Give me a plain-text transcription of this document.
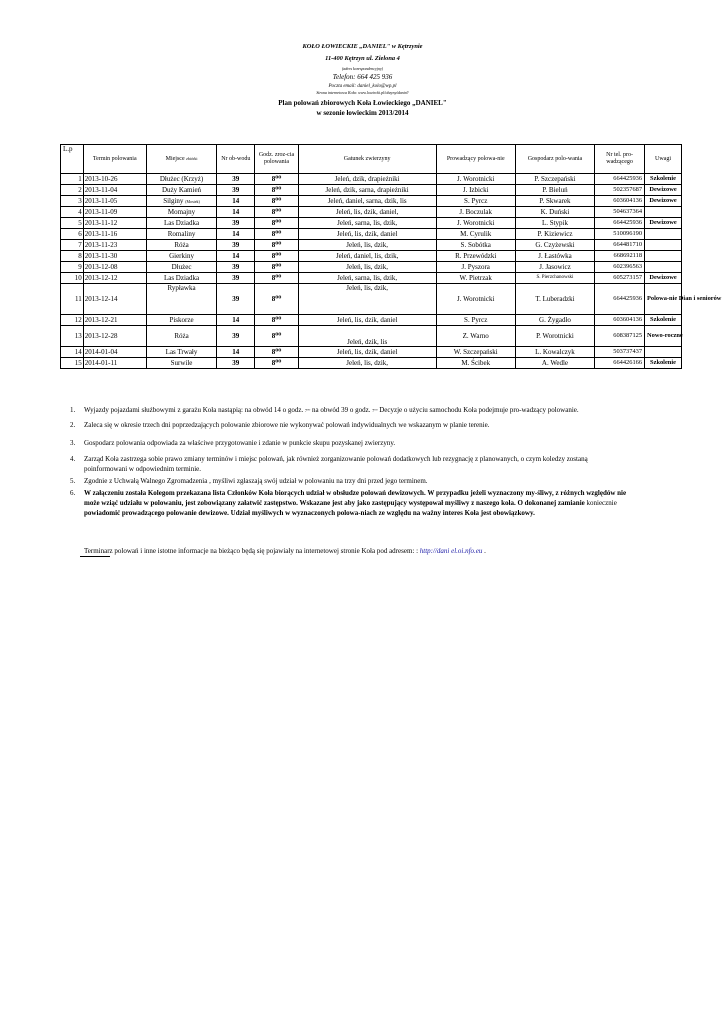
KOŁO ŁOWIECKIE „DANIEL" w Kętrzynie
11-400 Kętrzyn ul. Zielona 4
(adres korespondencyjny)
Telefon: 664 425 936
Poczta email: daniel_kolo@wp.pl
Strona internetowa Koła: www.lowiecki.pl/obzyny/daniel/
Plan polowań zbiorowych Koła Łowieckiego „DANIEL"
w sezonie łowieckim 2013/2014
L.p	Termin polowania	Miejsce zbiórki	Nr ob-wodu	Godz. zroz-cia polowania	Gatunek zwierzyny	Prowadzący polowa-nie	Gospodarz polo-wania	Nr tel. pro-wadzącego	Uwagi
1	2013-10-26	Dłużec (Krzyż)	39	8⁰⁰	Jeleń, dzik, drapieżniki	J. Worotnicki	P. Szczepański	664425936	Szkolenie
2	2013-11-04	Duży Kamień	39	8⁰⁰	Jeleń, dzik, sarna, drapieżniki	J. Izbicki	P. Bieluń	502357687	Dewizowe
3	2013-11-05	Silginy (Mostek)	14	8⁰⁰	Jeleń, daniel, sarna, dzik, lis	S. Pyrcz	P. Skwarek	603604136	Dewizowe
4	2013-11-09	Momajny	14	8⁰⁰	Jeleń, lis, dzik, daniel,	J. Boczulak	K. Duński	504637364	
5	2013-11-12	Las Dziadka	39	8⁰⁰	Jeleń, sarna, lis, dzik,	J. Worotnicki	L. Stypik	664425936	Dewizowe
6	2013-11-16	Romaliny	14	8⁰⁰	Jeleń, lis, dzik, daniel	M. Cyrulik	P. Kiziewicz	510096190	
7	2013-11-23	Róża	39	8⁰⁰	Jeleń, lis, dzik,	S. Sobótka	G. Czyżewski	664481710	
8	2013-11-30	Gierkiny	14	8⁰⁰	Jeleń, daniel, lis, dzik,	R. Przewódzki	J. Łastówka	668692118	
9	2013-12-08	Dłużec	39	8⁰⁰	Jeleń, lis, dzik,	J. Pyszora	J. Jasowicz	602396563	
10	2013-12-12	Las Dziadka	39	8⁰⁰	Jeleń, sarna, lis, dzik,	W. Pietrzak	S. Pierzchanowski	605273157	Dewizowe
11	2013-12-14	Rypławka	39	8⁰⁰	Jeleń, lis, dzik,	J. Worotnicki	T. Luberadzki	664425936	Polowa-nie Dian i seniorów
12	2013-12-21	Piskorze	14	8⁰⁰	Jeleń, lis, dzik, daniel	S. Pyrcz	G. Żygadło	603604136	Szkolenie
13	2013-12-28	Róża	39	8⁰⁰	Jeleń, dzik, lis	Z. Warno	P. Worotnicki	608387125	Nowo-roczne
14	2014-01-04	Las Trwały	14	8⁰⁰	Jeleń, lis, dzik, daniel	W. Szczepański	L. Kowalczyk	503737437	
15	2014-01-11	Surwile	39	8⁰⁰	Jeleń, lis, dzik,	M. Ścibek	A. Wedle	664426166	Szkolenie
1. Wyjazdy pojazdami służbowymi z garażu Koła nastąpią: na obwód 14 o godz. 7⁰⁰ na obwód 39 o godz. 7⁰⁰ Decyzje o użyciu samochodu Koła podejmuje pro-wadzący polowanie.
2. Zaleca się w okresie trzech dni poprzedzających polowanie zbiorowe nie wykonywać polowań indywidualnych we wskazanym w planie terenie.
3. Gospodarz polowania odpowiada za właściwe przygotowanie i zdanie w punkcie skupu pozyskanej zwierzyny.
4. Zarząd Koła zastrzega sobie prawo zmiany terminów i miejsc polowań, jak również zorganizowanie polowań dodatkowych lub rezygnację z planowanych, o czym koledzy zostaną poinformowani w odpowiednim terminie.
5. Zgodnie z Uchwałą Walnego Zgromadzenia , myśliwi zgłaszają swój udział w polowaniu na trzy dni przed jego terminem.
6. W załączeniu została Kolegom przekazana lista Członków Koła biorących udział w obsłudze polowań dewizowych. W przypadku jeżeli wyznaczony my-śliwy, z różnych względów nie może wziąć udziału w polowaniu, jest zobowiązany załatwić zastępstwo. Wskazane jest aby jako zastępujący występował myśliwy z naszego koła. O dokonanej zamianie koniecznie powiadomić prowadzącego polowanie dewizowe. Udział myśliwych w wyznaczonych polowa-niach ze względu na ważny interes Koła jest obowiązkowy.
Terminarz polowań i inne istotne informacje na bieżąco będą się pojawiały na internetowej stronie Koła pod adresem: : http://dani el.oi.nfo.eu .
